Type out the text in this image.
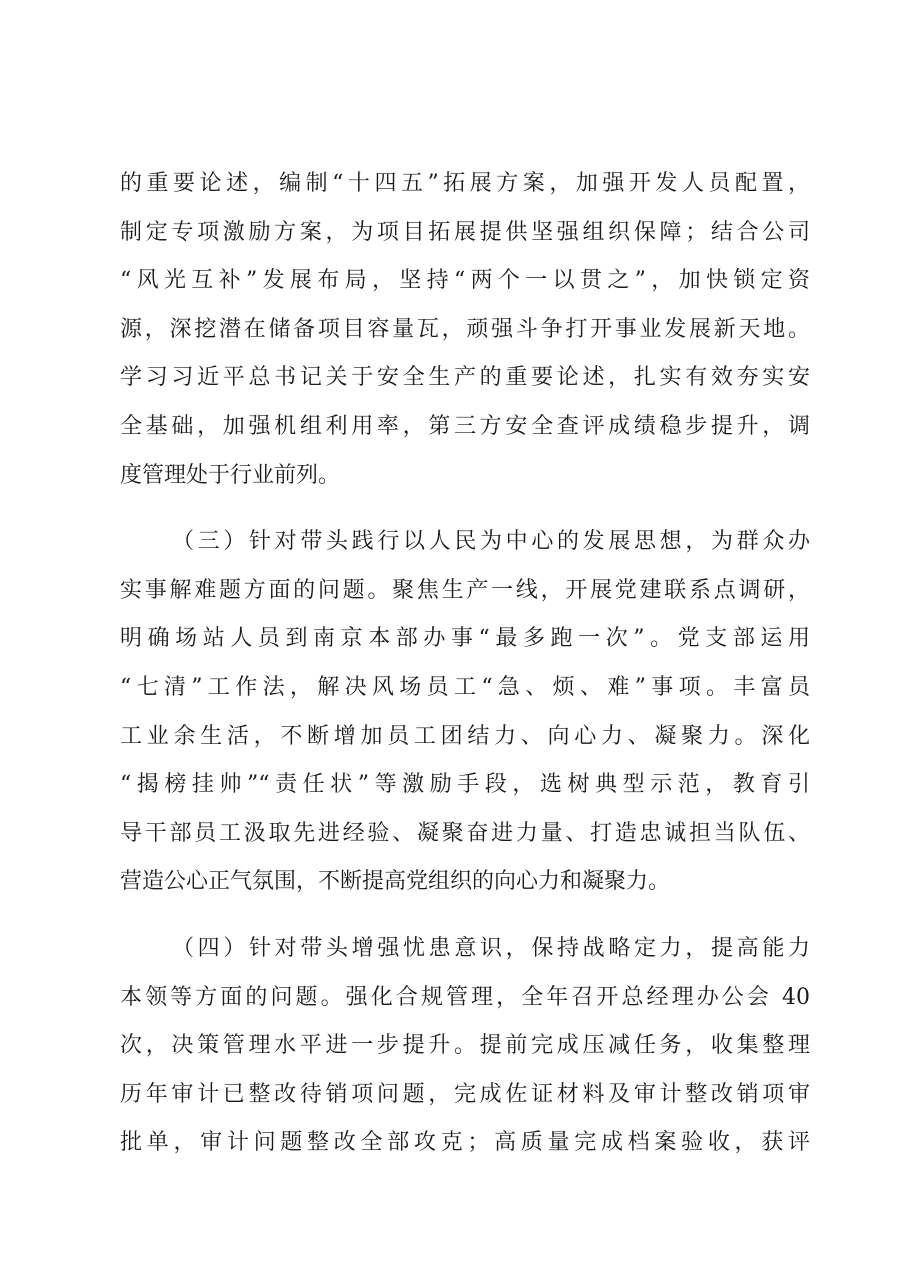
的重要论述，编制“十四五”拓展方案，加强开发人员配置，
制定专项激励方案，为项目拓展提供坚强组织保障；结合公司
“风光互补”发展布局，坚持“两个一以贯之”，加快锁定资
源，深挖潜在储备项目容量瓦，顽强斗争打开事业发展新天地。
学习习近平总书记关于安全生产的重要论述，扎实有效夯实安
全基础，加强机组利用率，第三方安全查评成绩稳步提升，调
度管理处于行业前列。
（三）针对带头践行以人民为中心的发展思想，为群众办
实事解难题方面的问题。聚焦生产一线，开展党建联系点调研，
明确场站人员到南京本部办事“最多跑一次”。党支部运用
“七清”工作法，解决风场员工“急、烦、难”事项。丰富员
工业余生活，不断增加员工团结力、向心力、凝聚力。深化
“揭榜挂帅”“责任状”等激励手段，选树典型示范，教育引
导干部员工汲取先进经验、凝聚奋进力量、打造忠诚担当队伍、
营造公心正气氛围，不断提高党组织的向心力和凝聚力。
（四）针对带头增强忧患意识，保持战略定力，提高能力
本领等方面的问题。强化合规管理，全年召开总经理办公会 40
次，决策管理水平进一步提升。提前完成压减任务，收集整理
历年审计已整改待销项问题，完成佐证材料及审计整改销项审
批单，审计问题整改全部攻克；高质量完成档案验收，获评
